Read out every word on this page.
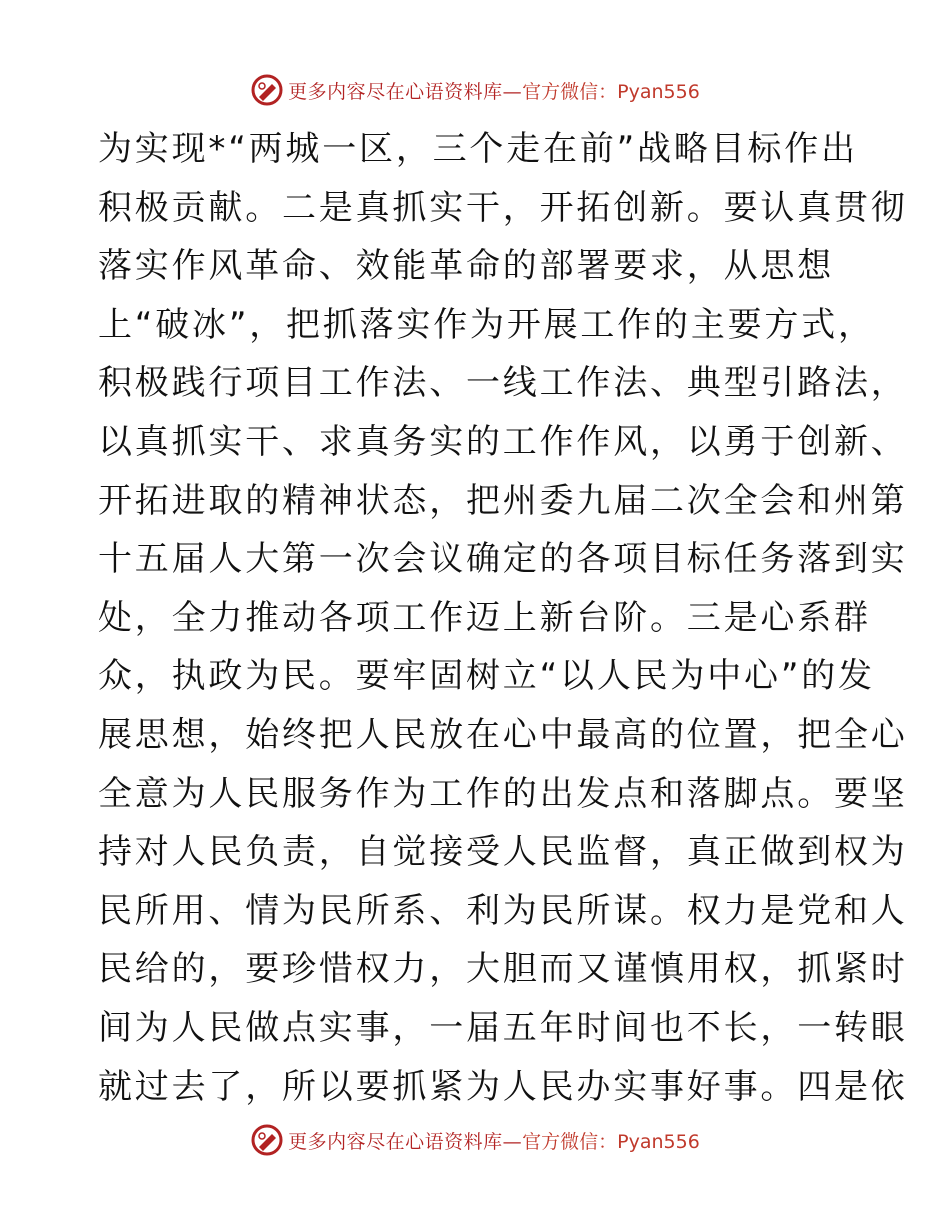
更多内容尽在心语资料库— 官方微信：Pyan556
为实现*“两城一区，三个走在前”战略目标作出
积极贡献。二是真抓实干，开拓创新。要认真贯彻
落实作风革命、效能革命的部署要求，从思想
上“破冰”，把抓落实作为开展工作的主要方式，
积极践行项目工作法、一线工作法、典型引路法，
以真抓实干、求真务实的工作作风，以勇于创新、
开拓进取的精神状态，把州委九届二次全会和州第
十五届人大第一次会议确定的各项目标任务落到实
处，全力推动各项工作迈上新台阶。三是心系群
众，执政为民。要牢固树立“以人民为中心”的发
展思想，始终把人民放在心中最高的位置，把全心
全意为人民服务作为工作的出发点和落脚点。要坚
持对人民负责，自觉接受人民监督，真正做到权为
民所用、情为民所系、利为民所谋。权力是党和人
民给的，要珍惜权力，大胆而又谨慎用权，抓紧时
间为人民做点实事，一届五年时间也不长，一转眼
就过去了，所以要抓紧为人民办实事好事。四是依
更多内容尽在心语资料库— 官方微信：Pyan556
